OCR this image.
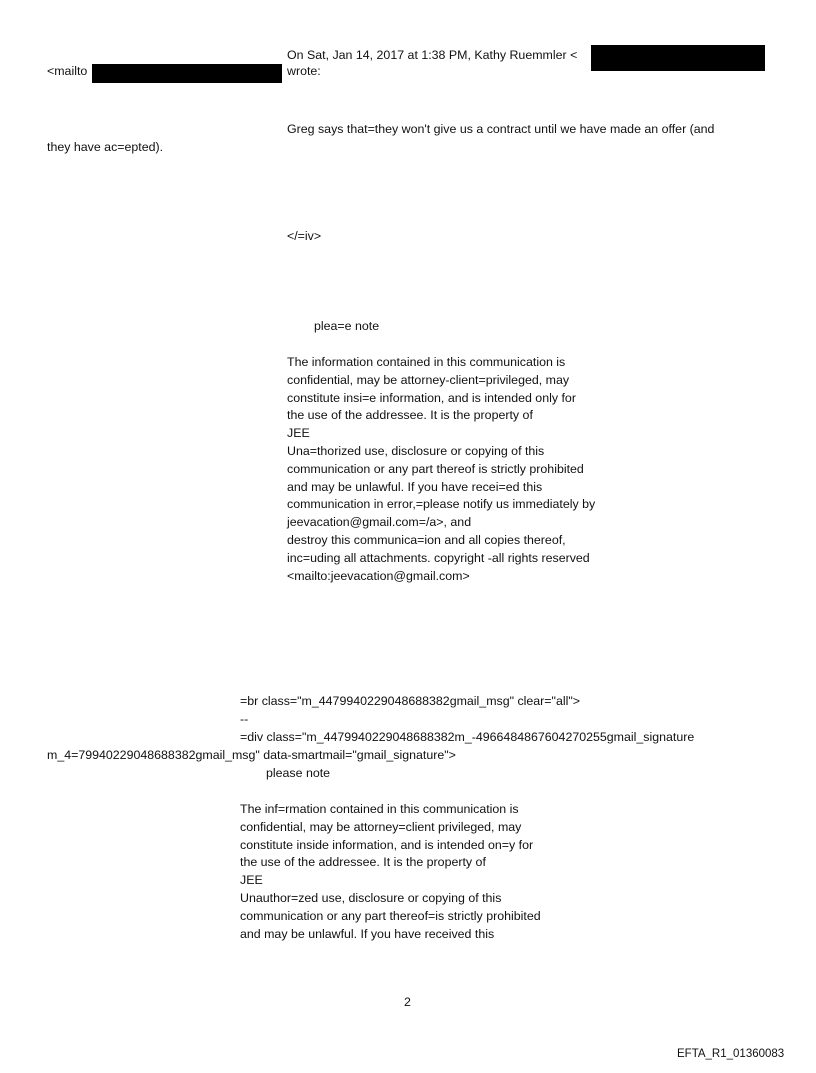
On Sat, Jan 14, 2017 at 1:38 PM, Kathy Ruemmler <
<mailto	wrote:
Greg says that=they won't give us a contract until we have made an offer (and
they have ac=epted).
</=iv>
plea=e note
The information contained in this communication is
confidential, may be attorney-client=privileged, may
constitute insi=e information, and is intended only for
the use of the addressee. It is the property of
JEE
Una=thorized use, disclosure or copying of this
communication or any part thereof is strictly prohibited
and may be unlawful. If you have recei=ed this
communication in error,=please notify us immediately by
jeevacation@gmail.com=/a>, and
destroy this communica=ion and all copies thereof,
inc=uding all attachments. copyright -all rights reserved
<mailto:jeevacation@gmail.com>
=br class="m_4479940229048688382gmail_msg" clear="all">
--
=div class="m_4479940229048688382m_-4966484867604270255gmail_signature
m_4=79940229048688382gmail_msg" data-smartmail="gmail_signature">
please note
The inf=rmation contained in this communication is
confidential, may be attorney=client privileged, may
constitute inside information, and is intended on=y for
the use of the addressee. It is the property of
JEE
Unauthor=zed use, disclosure or copying of this
communication or any part thereof=is strictly prohibited
and may be unlawful. If you have received this
2
EFTA_R1_01360083
